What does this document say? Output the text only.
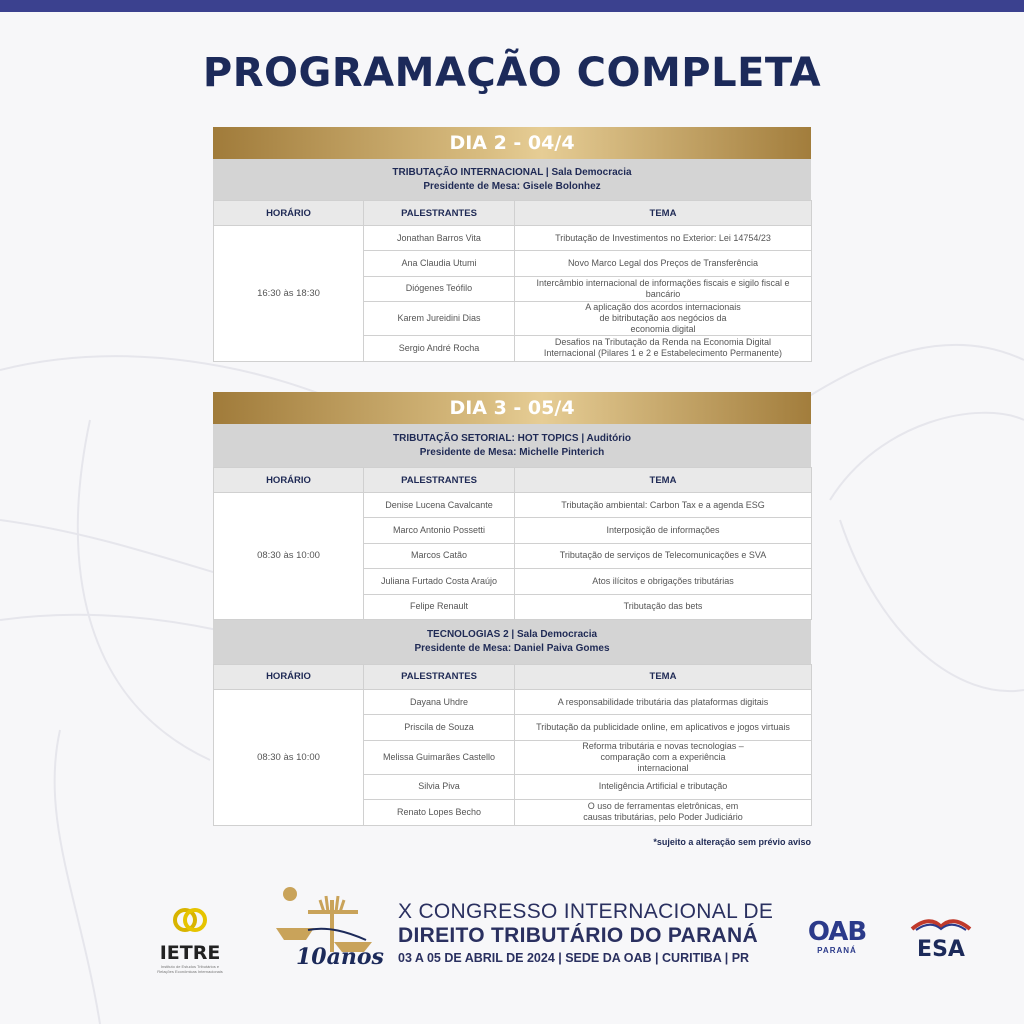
PROGRAMAÇÃO COMPLETA
DIA 2 - 04/4
TRIBUTAÇÃO INTERNACIONAL | Sala Democracia
Presidente de Mesa: Gisele Bolonhez
HORÁRIO	PALESTRANTES	TEMA
16:30 às 18:30	Jonathan Barros Vita	Tributação de Investimentos no Exterior: Lei 14754/23
	Ana Claudia Utumi	Novo Marco Legal dos Preços de Transferência
	Diógenes Teófilo	Intercâmbio internacional de informações fiscais e sigilo fiscal e bancário
	Karem Jureidini Dias	A aplicação dos acordos internacionais de bitributação aos negócios da economia digital
	Sergio André Rocha	Desafios na Tributação da Renda na Economia Digital Internacional (Pilares 1 e 2 e Estabelecimento Permanente)
DIA 3 - 05/4
TRIBUTAÇÃO SETORIAL: HOT TOPICS | Auditório
Presidente de Mesa: Michelle Pinterich
HORÁRIO	PALESTRANTES	TEMA
08:30 às 10:00	Denise Lucena Cavalcante	Tributação ambiental: Carbon Tax e a agenda ESG
	Marco Antonio Possetti	Interposição de informações
	Marcos Catão	Tributação de serviços de Telecomunicações e SVA
	Juliana Furtado Costa Araújo	Atos ilícitos e obrigações tributárias
	Felipe Renault	Tributação das bets
TECNOLOGIAS 2 | Sala Democracia
Presidente de Mesa: Daniel Paiva Gomes
HORÁRIO	PALESTRANTES	TEMA
08:30 às 10:00	Dayana Uhdre	A responsabilidade tributária das plataformas digitais
	Priscila de Souza	Tributação da publicidade online, em aplicativos e jogos virtuais
	Melissa Guimarães Castello	Reforma tributária e novas tecnologias – comparação com a experiência internacional
	Silvia Piva	Inteligência Artificial e tributação
	Renato Lopes Becho	O uso de ferramentas eletrônicas, em causas tributárias, pelo Poder Judiciário
*sujeito a alteração sem prévio aviso
IETRE
Instituto de Estudos Tributários e Relações Econômicas Internacionais
10anos
X CONGRESSO INTERNACIONAL DE
DIREITO TRIBUTÁRIO DO PARANÁ
03 A 05 DE ABRIL DE 2024 | SEDE DA OAB | CURITIBA | PR
OAB
PARANÁ	ESA
